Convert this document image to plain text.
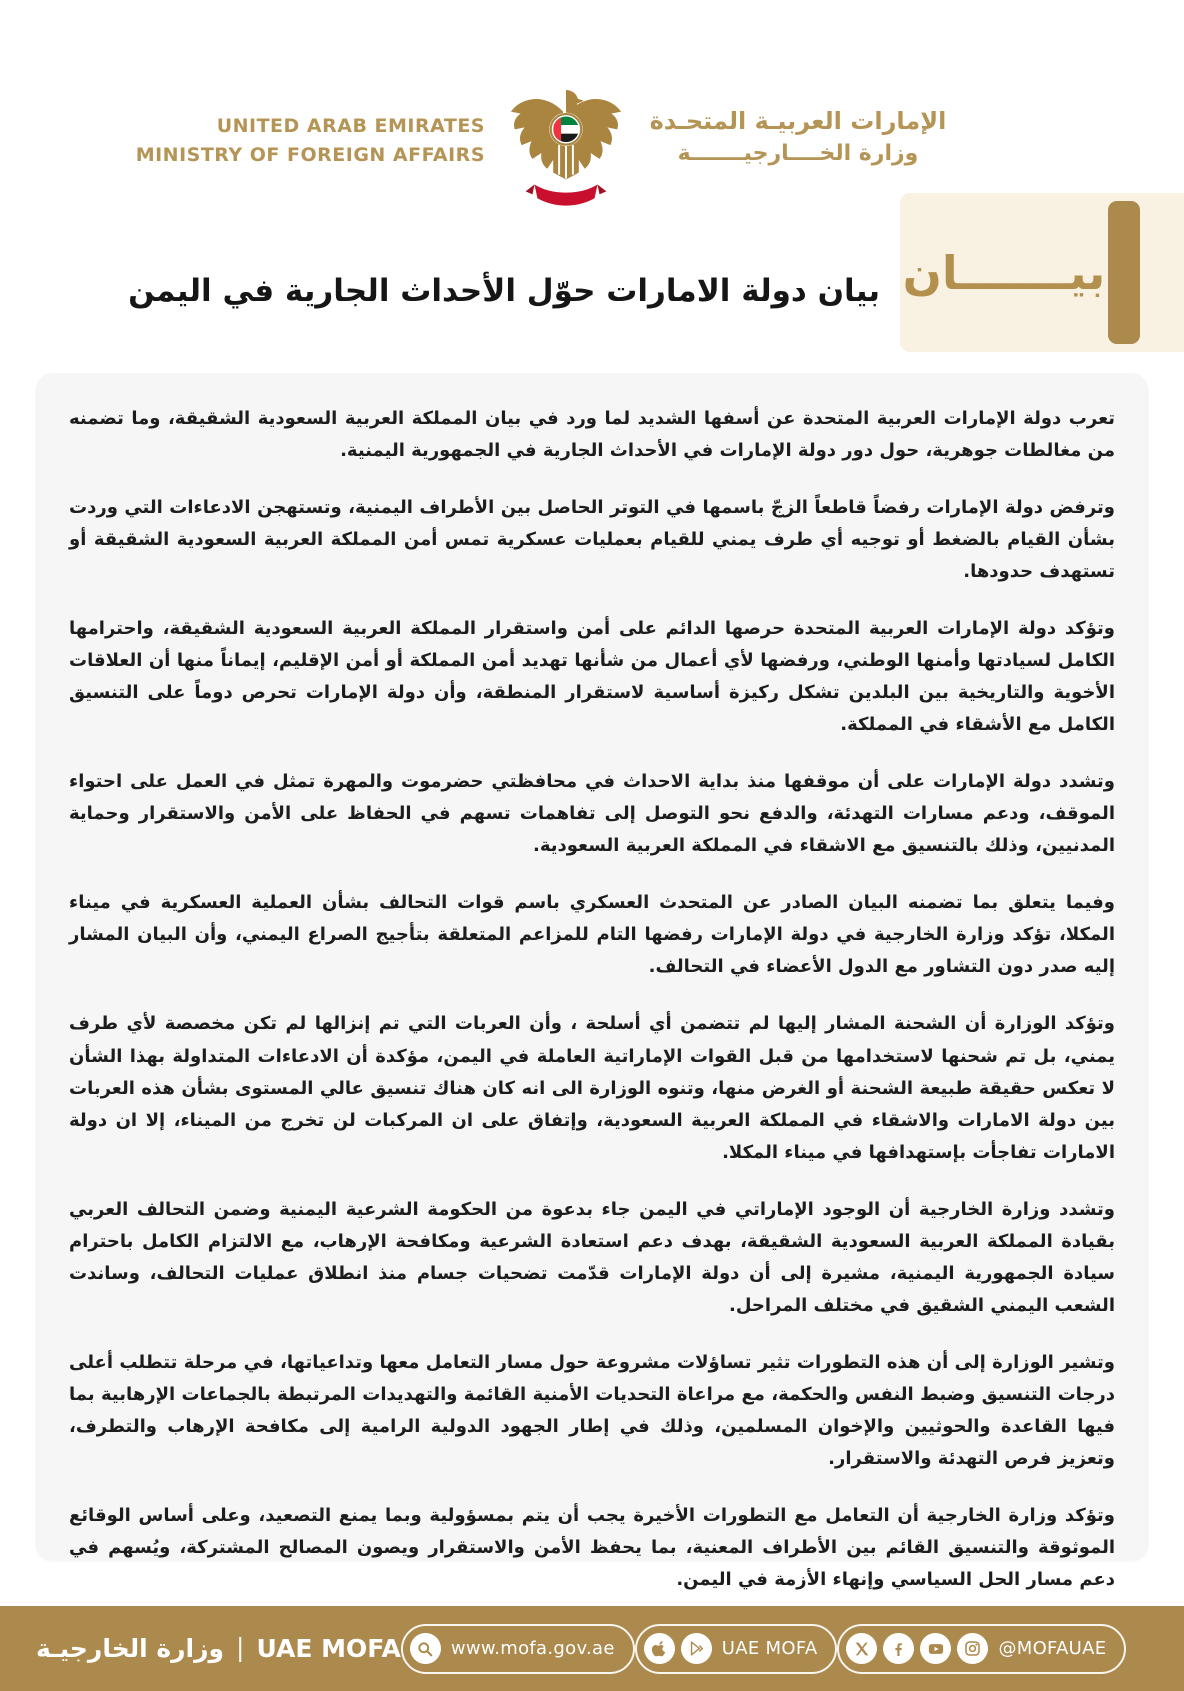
UNITED ARAB EMIRATES
MINISTRY OF FOREIGN AFFAIRS
الإمارات العربيـة المتحـدة
وزارة الخــــارجيـــــــة
بيـــــــان
بيان دولة الامارات حوّل الأحداث الجارية في اليمن

تعرب دولة الإمارات العربية المتحدة عن أسفها الشديد لما ورد في بيان المملكة العربية السعودية الشقيقة، وما تضمنه من مغالطات جوهرية، حول دور دولة الإمارات في الأحداث الجارية في الجمهورية اليمنية.

وترفض دولة الإمارات رفضاً قاطعاً الزجّ باسمها في التوتر الحاصل بين الأطراف اليمنية، وتستهجن الادعاءات التي وردت بشأن القيام بالضغط أو توجيه أي طرف يمني للقيام بعمليات عسكرية تمس أمن المملكة العربية السعودية الشقيقة أو تستهدف حدودها.

وتؤكد دولة الإمارات العربية المتحدة حرصها الدائم على أمن واستقرار المملكة العربية السعودية الشقيقة، واحترامها الكامل لسيادتها وأمنها الوطني، ورفضها لأي أعمال من شأنها تهديد أمن المملكة أو أمن الإقليم، إيماناً منها أن العلاقات الأخوية والتاريخية بين البلدين تشكل ركيزة أساسية لاستقرار المنطقة، وأن دولة الإمارات تحرص دوماً على التنسيق الكامل مع الأشقاء في المملكة.

وتشدد دولة الإمارات على أن موقفها منذ بداية الاحداث في محافظتي حضرموت والمهرة تمثل في العمل على احتواء الموقف، ودعم مسارات التهدئة، والدفع نحو التوصل إلى تفاهمات تسهم في الحفاظ على الأمن والاستقرار وحماية المدنيين، وذلك بالتنسيق مع الاشقاء في المملكة العربية السعودية.

وفيما يتعلق بما تضمنه البيان الصادر عن المتحدث العسكري باسم قوات التحالف بشأن العملية العسكرية في ميناء المكلا، تؤكد وزارة الخارجية في دولة الإمارات رفضها التام للمزاعم المتعلقة بتأجيج الصراع اليمني، وأن البيان المشار إليه صدر دون التشاور مع الدول الأعضاء في التحالف.

وتؤكد الوزارة أن الشحنة المشار إليها لم تتضمن أي أسلحة ، وأن العربات التي تم إنزالها لم تكن مخصصة لأي طرف يمني، بل تم شحنها لاستخدامها من قبل القوات الإماراتية العاملة في اليمن، مؤكدة أن الادعاءات المتداولة بهذا الشأن لا تعكس حقيقة طبيعة الشحنة أو الغرض منها، وتنوه الوزارة الى انه كان هناك تنسيق عالي المستوى بشأن هذه العربات بين دولة الامارات والاشقاء في المملكة العربية السعودية، وإتفاق على ان المركبات لن تخرج من الميناء، إلا ان دولة الامارات تفاجأت بإستهدافها في ميناء المكلا.

وتشدد وزارة الخارجية أن الوجود الإماراتي في اليمن جاء بدعوة من الحكومة الشرعية اليمنية وضمن التحالف العربي بقيادة المملكة العربية السعودية الشقيقة، بهدف دعم استعادة الشرعية ومكافحة الإرهاب، مع الالتزام الكامل باحترام سيادة الجمهورية اليمنية، مشيرة إلى أن دولة الإمارات قدّمت تضحيات جسام منذ انطلاق عمليات التحالف، وساندت الشعب اليمني الشقيق في مختلف المراحل.

وتشير الوزارة إلى أن هذه التطورات تثير تساؤلات مشروعة حول مسار التعامل معها وتداعياتها، في مرحلة تتطلب أعلى درجات التنسيق وضبط النفس والحكمة، مع مراعاة التحديات الأمنية القائمة والتهديدات المرتبطة بالجماعات الإرهابية بما فيها القاعدة والحوثيين والإخوان المسلمين، وذلك في إطار الجهود الدولية الرامية إلى مكافحة الإرهاب والتطرف، وتعزيز فرص التهدئة والاستقرار.

وتؤكد وزارة الخارجية أن التعامل مع التطورات الأخيرة يجب أن يتم بمسؤولية وبما يمنع التصعيد، وعلى أساس الوقائع الموثوقة والتنسيق القائم بين الأطراف المعنية، بما يحفظ الأمن والاستقرار ويصون المصالح المشتركة، ويُسهم في دعم مسار الحل السياسي وإنهاء الأزمة في اليمن.

وزارة الخارجيـة | UAE MOFA	www.mofa.gov.ae	UAE MOFA	@MOFAUAE
